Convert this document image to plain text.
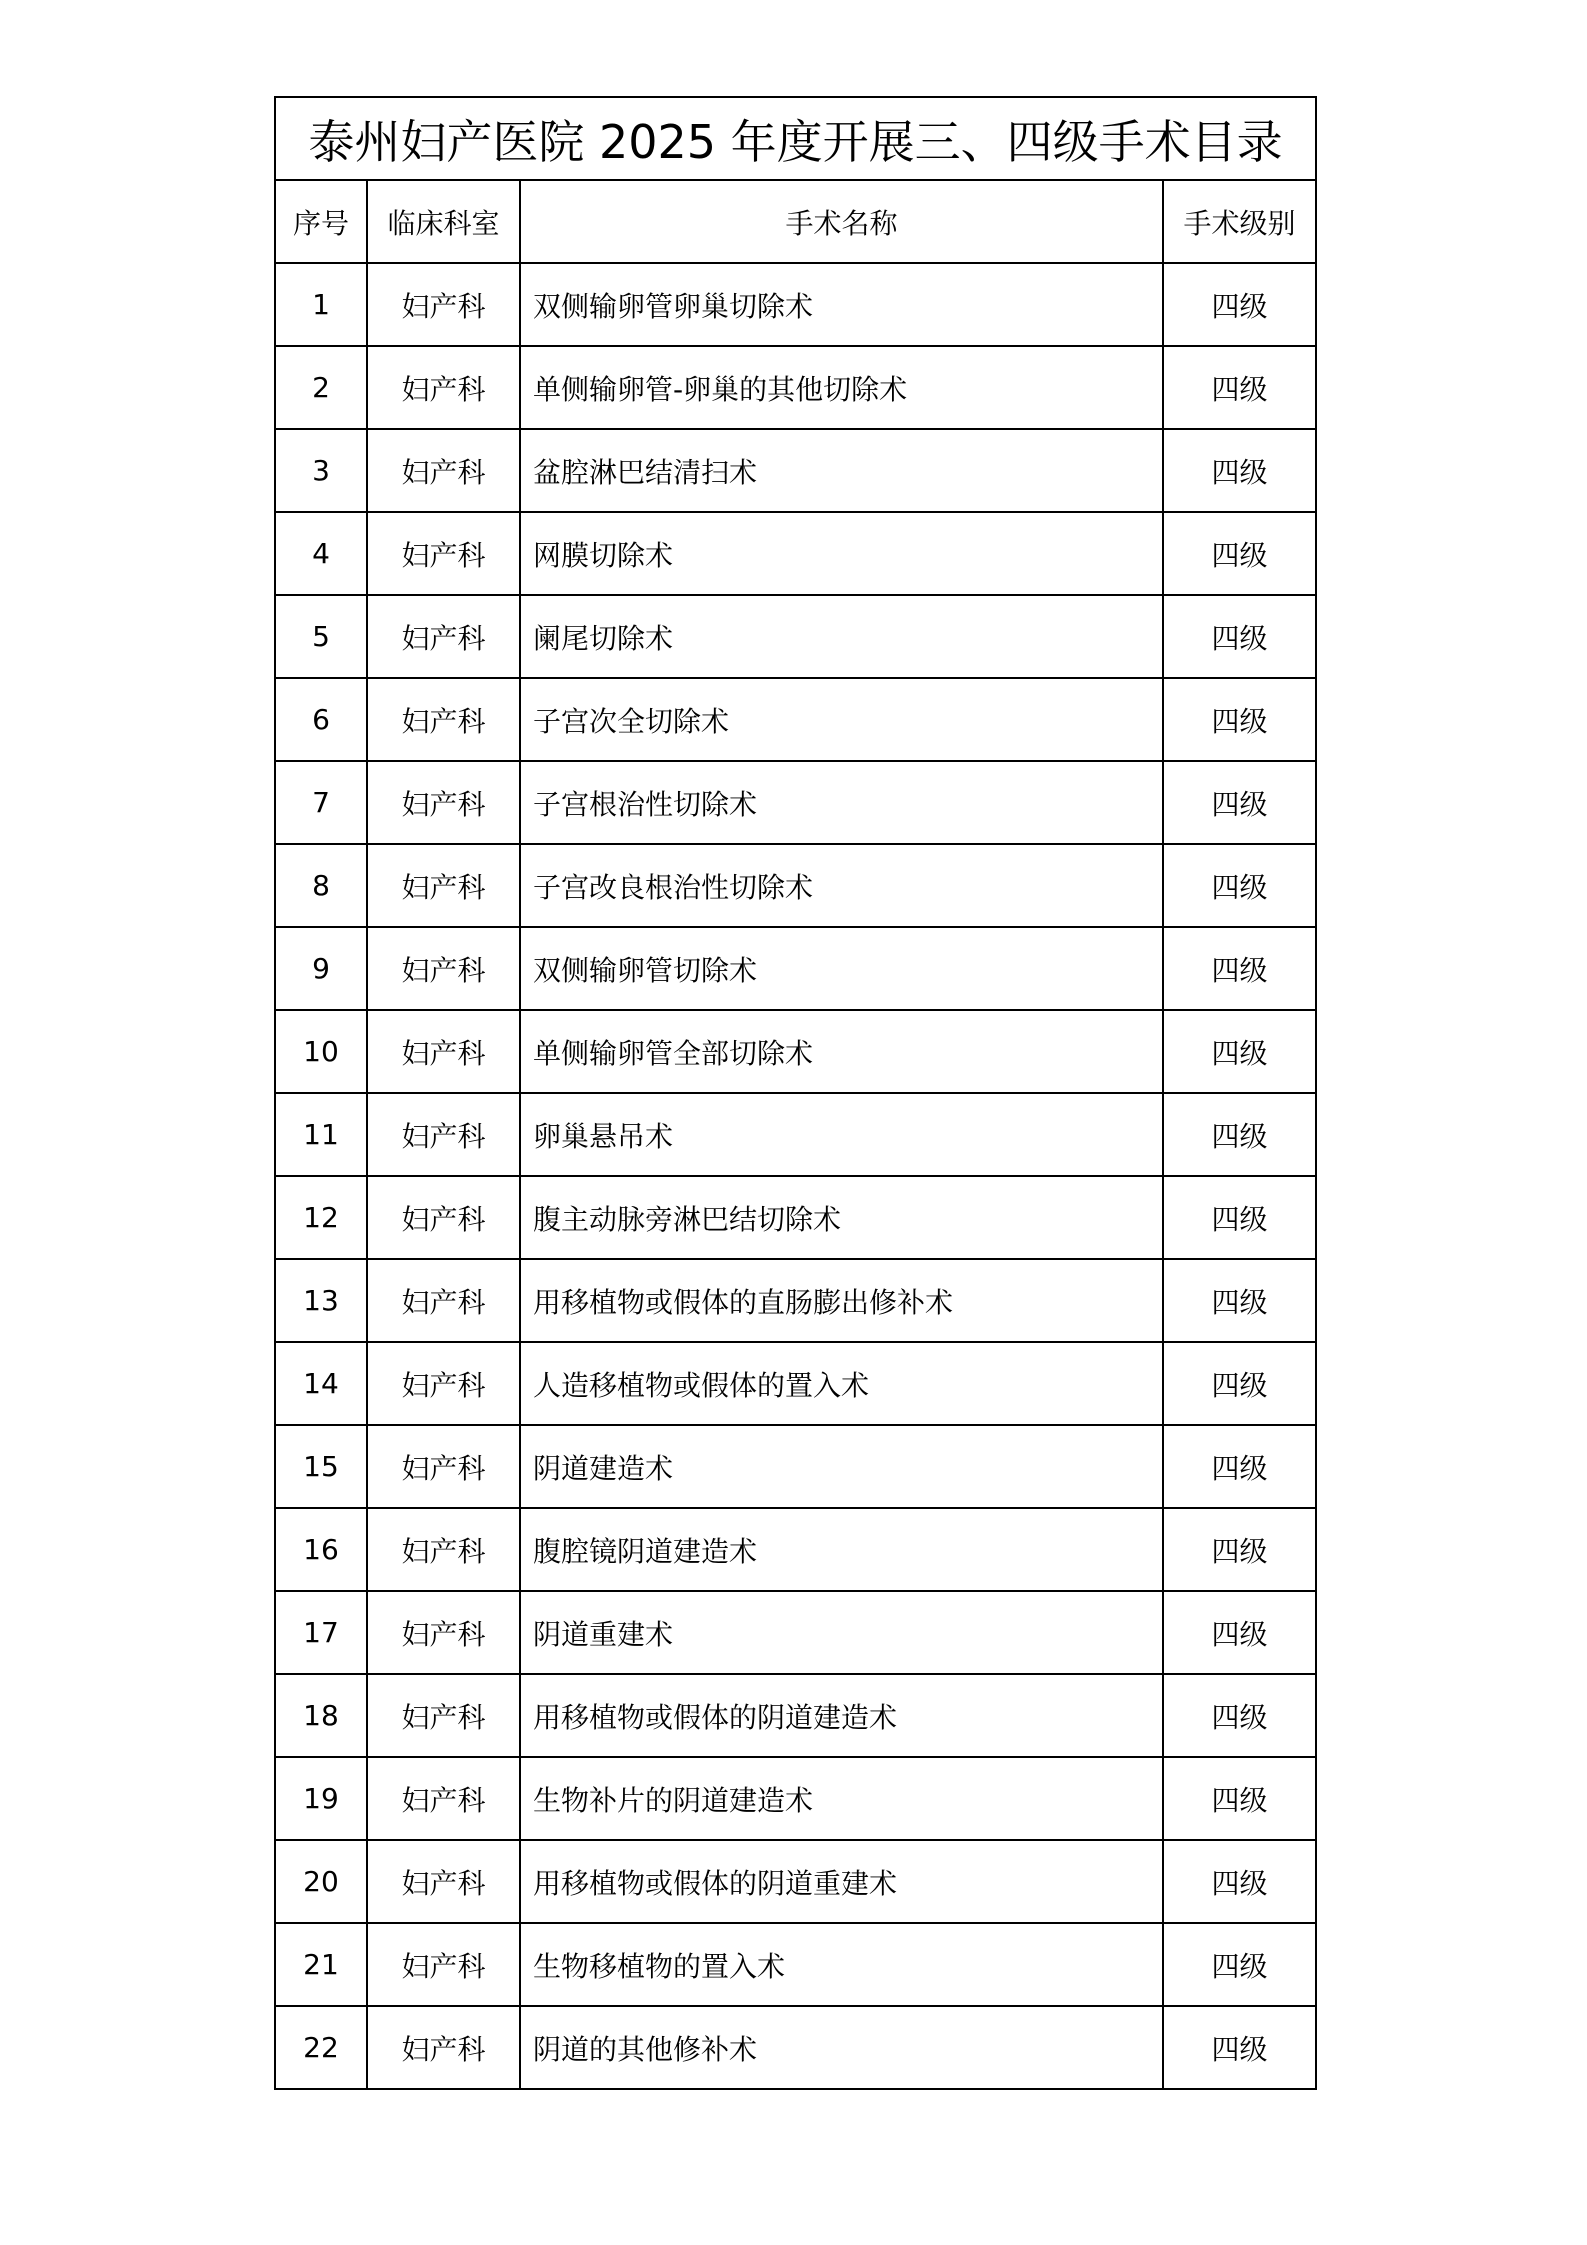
泰州妇产医院 2025 年度开展三、四级手术目录			
序号	临床科室	手术名称	手术级别
1	妇产科	双侧输卵管卵巢切除术	四级
2	妇产科	单侧输卵管-卵巢的其他切除术	四级
3	妇产科	盆腔淋巴结清扫术	四级
4	妇产科	网膜切除术	四级
5	妇产科	阑尾切除术	四级
6	妇产科	子宫次全切除术	四级
7	妇产科	子宫根治性切除术	四级
8	妇产科	子宫改良根治性切除术	四级
9	妇产科	双侧输卵管切除术	四级
10	妇产科	单侧输卵管全部切除术	四级
11	妇产科	卵巢悬吊术	四级
12	妇产科	腹主动脉旁淋巴结切除术	四级
13	妇产科	用移植物或假体的直肠膨出修补术	四级
14	妇产科	人造移植物或假体的置入术	四级
15	妇产科	阴道建造术	四级
16	妇产科	腹腔镜阴道建造术	四级
17	妇产科	阴道重建术	四级
18	妇产科	用移植物或假体的阴道建造术	四级
19	妇产科	生物补片的阴道建造术	四级
20	妇产科	用移植物或假体的阴道重建术	四级
21	妇产科	生物移植物的置入术	四级
22	妇产科	阴道的其他修补术	四级
